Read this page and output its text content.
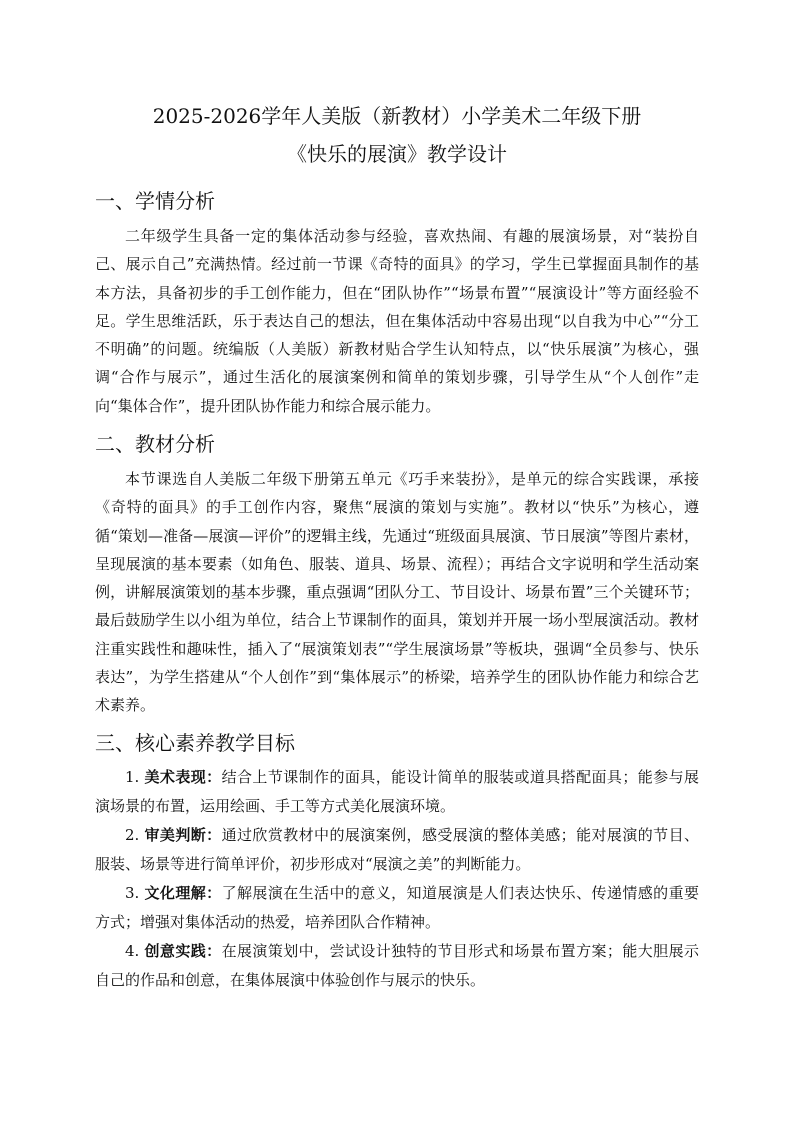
2025-2026学年人美版（新教材）小学美术二年级下册
《快乐的展演》教学设计
一、学情分析

二年级学生具备一定的集体活动参与经验，喜欢热闹、有趣的展演场景，对“装扮自己、展示自己”充满热情。经过前一节课《奇特的面具》的学习，学生已掌握面具制作的基本方法，具备初步的手工创作能力，但在“团队协作”“场景布置”“展演设计”等方面经验不足。学生思维活跃，乐于表达自己的想法，但在集体活动中容易出现“以自我为中心”“分工不明确”的问题。统编版（人美版）新教材贴合学生认知特点，以“快乐展演”为核心，强调“合作与展示”，通过生活化的展演案例和简单的策划步骤，引导学生从“个人创作”走向“集体合作”，提升团队协作能力和综合展示能力。

二、教材分析

本节课选自人美版二年级下册第五单元《巧手来装扮》，是单元的综合实践课，承接《奇特的面具》的手工创作内容，聚焦“展演的策划与实施”。教材以“快乐”为核心，遵循“策划—准备—展演—评价”的逻辑主线，先通过“班级面具展演、节日展演”等图片素材，呈现展演的基本要素（如角色、服装、道具、场景、流程）；再结合文字说明和学生活动案例，讲解展演策划的基本步骤，重点强调“团队分工、节目设计、场景布置”三个关键环节；最后鼓励学生以小组为单位，结合上节课制作的面具，策划并开展一场小型展演活动。教材注重实践性和趣味性，插入了“展演策划表”“学生展演场景”等板块，强调“全员参与、快乐表达”，为学生搭建从“个人创作”到“集体展示”的桥梁，培养学生的团队协作能力和综合艺术素养。

三、核心素养教学目标

1. 美术表现：结合上节课制作的面具，能设计简单的服装或道具搭配面具；能参与展演场景的布置，运用绘画、手工等方式美化展演环境。

2. 审美判断：通过欣赏教材中的展演案例，感受展演的整体美感；能对展演的节目、服装、场景等进行简单评价，初步形成对“展演之美”的判断能力。

3. 文化理解：了解展演在生活中的意义，知道展演是人们表达快乐、传递情感的重要方式；增强对集体活动的热爱，培养团队合作精神。

4. 创意实践：在展演策划中，尝试设计独特的节目形式和场景布置方案；能大胆展示自己的作品和创意，在集体展演中体验创作与展示的快乐。
